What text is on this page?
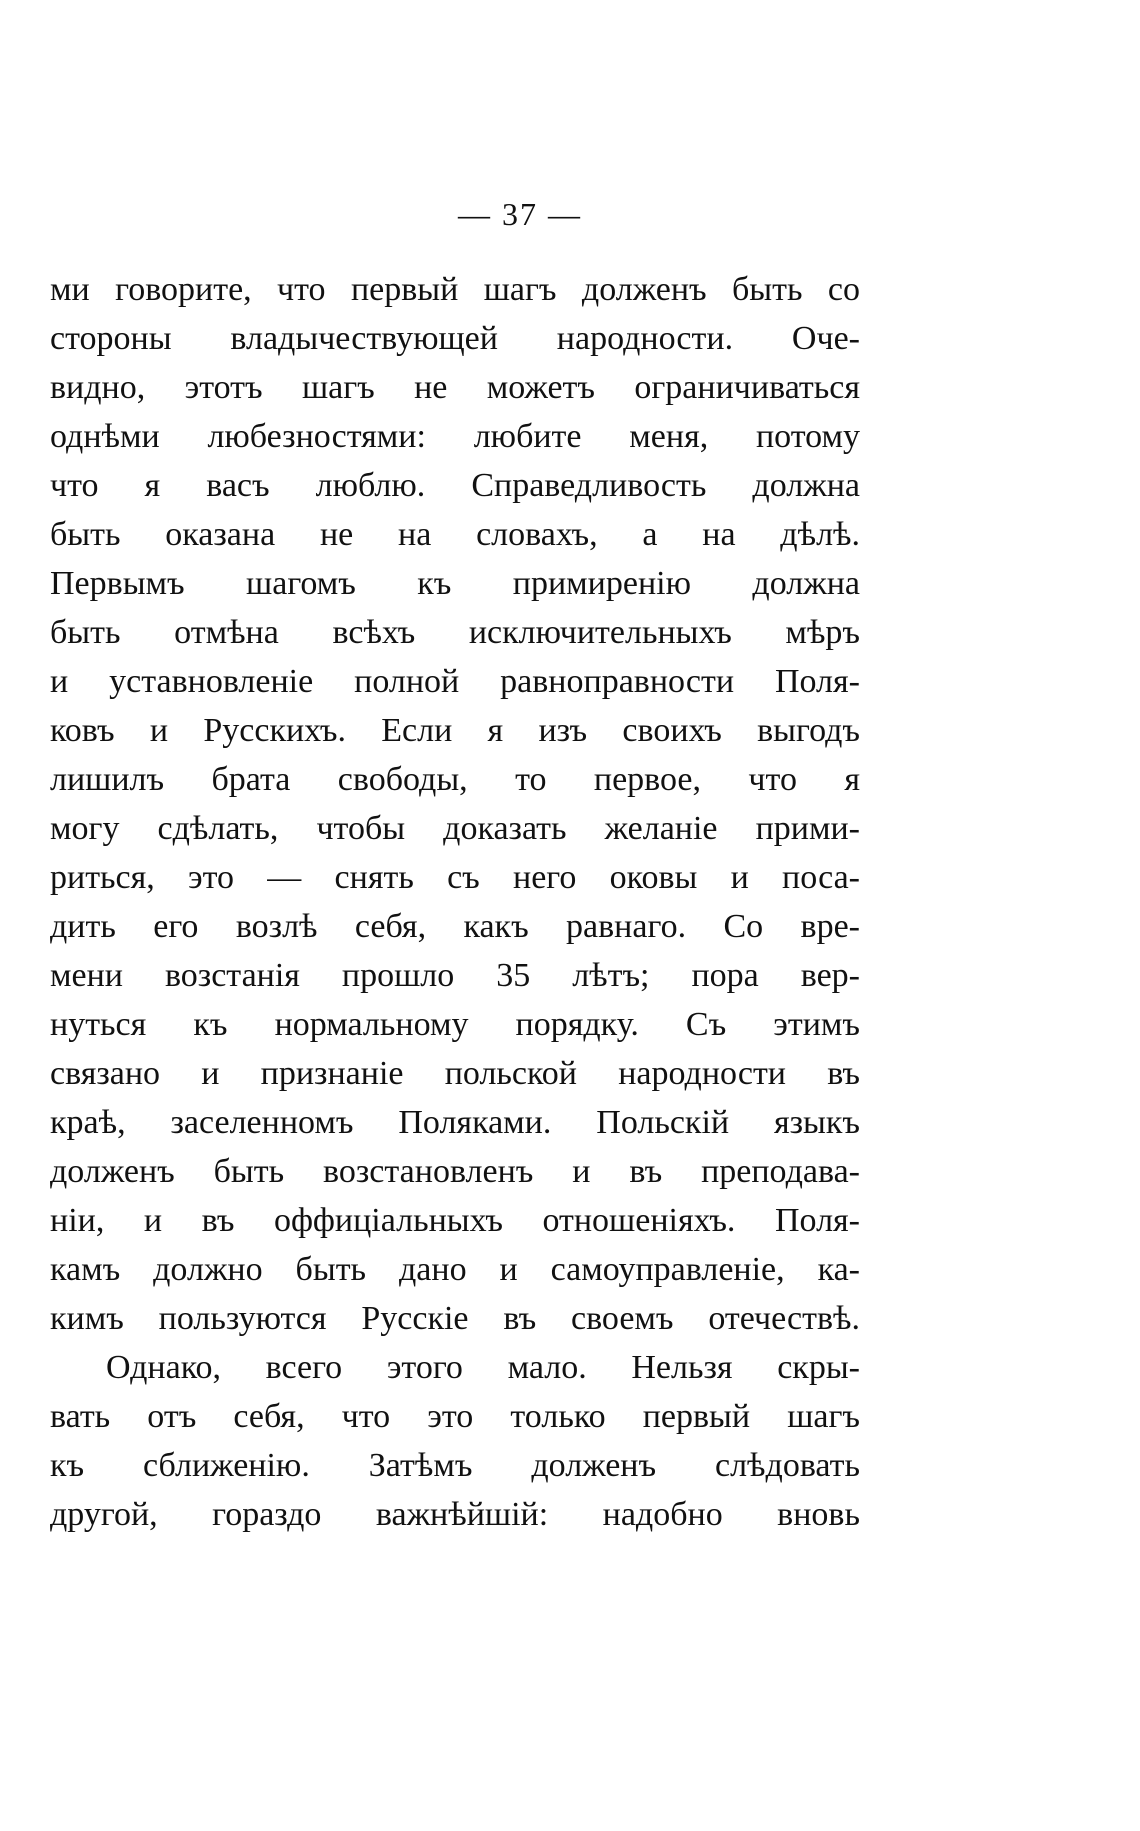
— 37 —
ми говорите, что первый шагъ долженъ быть со
стороны владычествующей народности. Оче-
видно, этотъ шагъ не можетъ ограничиваться
однѣми любезностями: любите меня, потому
что я васъ люблю. Справедливость должна
быть оказана не на словахъ, а на дѣлѣ.
Первымъ шагомъ къ примиренію должна
быть отмѣна всѣхъ исключительныхъ мѣръ
и уставновленіе полной равноправности Поля-
ковъ и Русскихъ. Если я изъ своихъ выгодъ
лишилъ брата свободы, то первое, что я
могу сдѣлать, чтобы доказать желаніе прими-
риться, это — снять съ него оковы и поса-
дить его возлѣ себя, какъ равнаго. Со вре-
мени возстанія прошло 35 лѣтъ; пора вер-
нуться къ нормальному порядку. Съ этимъ
связано и признаніе польской народности въ
краѣ, заселенномъ Поляками. Польскій языкъ
долженъ быть возстановленъ и въ преподава-
ніи, и въ оффиціальныхъ отношеніяхъ. Поля-
камъ должно быть дано и самоуправленіе, ка-
кимъ пользуются Русскіе въ своемъ отечествѣ.
Однако, всего этого мало. Нельзя скры-
вать отъ себя, что это только первый шагъ
къ сближенію. Затѣмъ долженъ слѣдовать
другой, гораздо важнѣйшій: надобно вновь
